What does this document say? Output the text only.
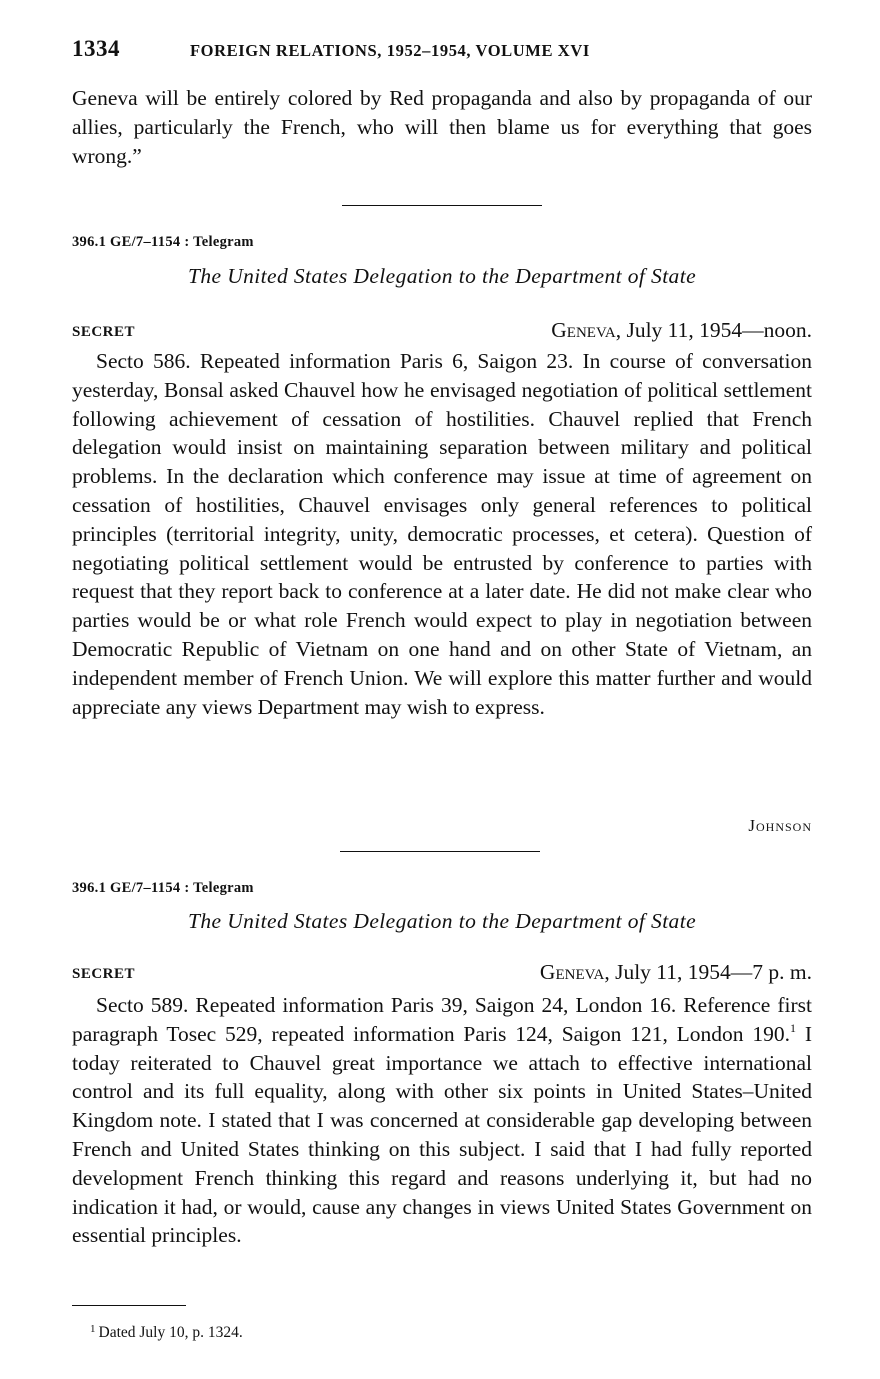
1334	FOREIGN RELATIONS, 1952–1954, VOLUME XVI

Geneva will be entirely colored by Red propaganda and also by propaganda of our allies, particularly the French, who will then blame us for everything that goes wrong.”

396.1 GE/7–1154 : Telegram
The United States Delegation to the Department of State
SECRET	Geneva, July 11, 1954—noon.

Secto 586. Repeated information Paris 6, Saigon 23. In course of conversation yesterday, Bonsal asked Chauvel how he envisaged negotiation of political settlement following achievement of cessation of hostilities. Chauvel replied that French delegation would insist on maintaining separation between military and political problems. In the declaration which conference may issue at time of agreement on cessation of hostilities, Chauvel envisages only general references to political principles (territorial integrity, unity, democratic processes, et cetera). Question of negotiating political settlement would be entrusted by conference to parties with request that they report back to conference at a later date. He did not make clear who parties would be or what role French would expect to play in negotiation between Democratic Republic of Vietnam on one hand and on other State of Vietnam, an independent member of French Union. We will explore this matter further and would appreciate any views Department may wish to express.

Johnson
396.1 GE/7–1154 : Telegram
The United States Delegation to the Department of State
SECRET	Geneva, July 11, 1954—7 p. m.

Secto 589. Repeated information Paris 39, Saigon 24, London 16. Reference first paragraph Tosec 529, repeated information Paris 124, Saigon 121, London 190.$^1$ I today reiterated to Chauvel great importance we attach to effective international control and its full equality, along with other six points in United States–United Kingdom note. I stated that I was concerned at considerable gap developing between French and United States thinking on this subject. I said that I had fully reported development French thinking this regard and reasons underlying it, but had no indication it had, or would, cause any changes in views United States Government on essential principles.

$^1$ Dated July 10, p. 1324.
